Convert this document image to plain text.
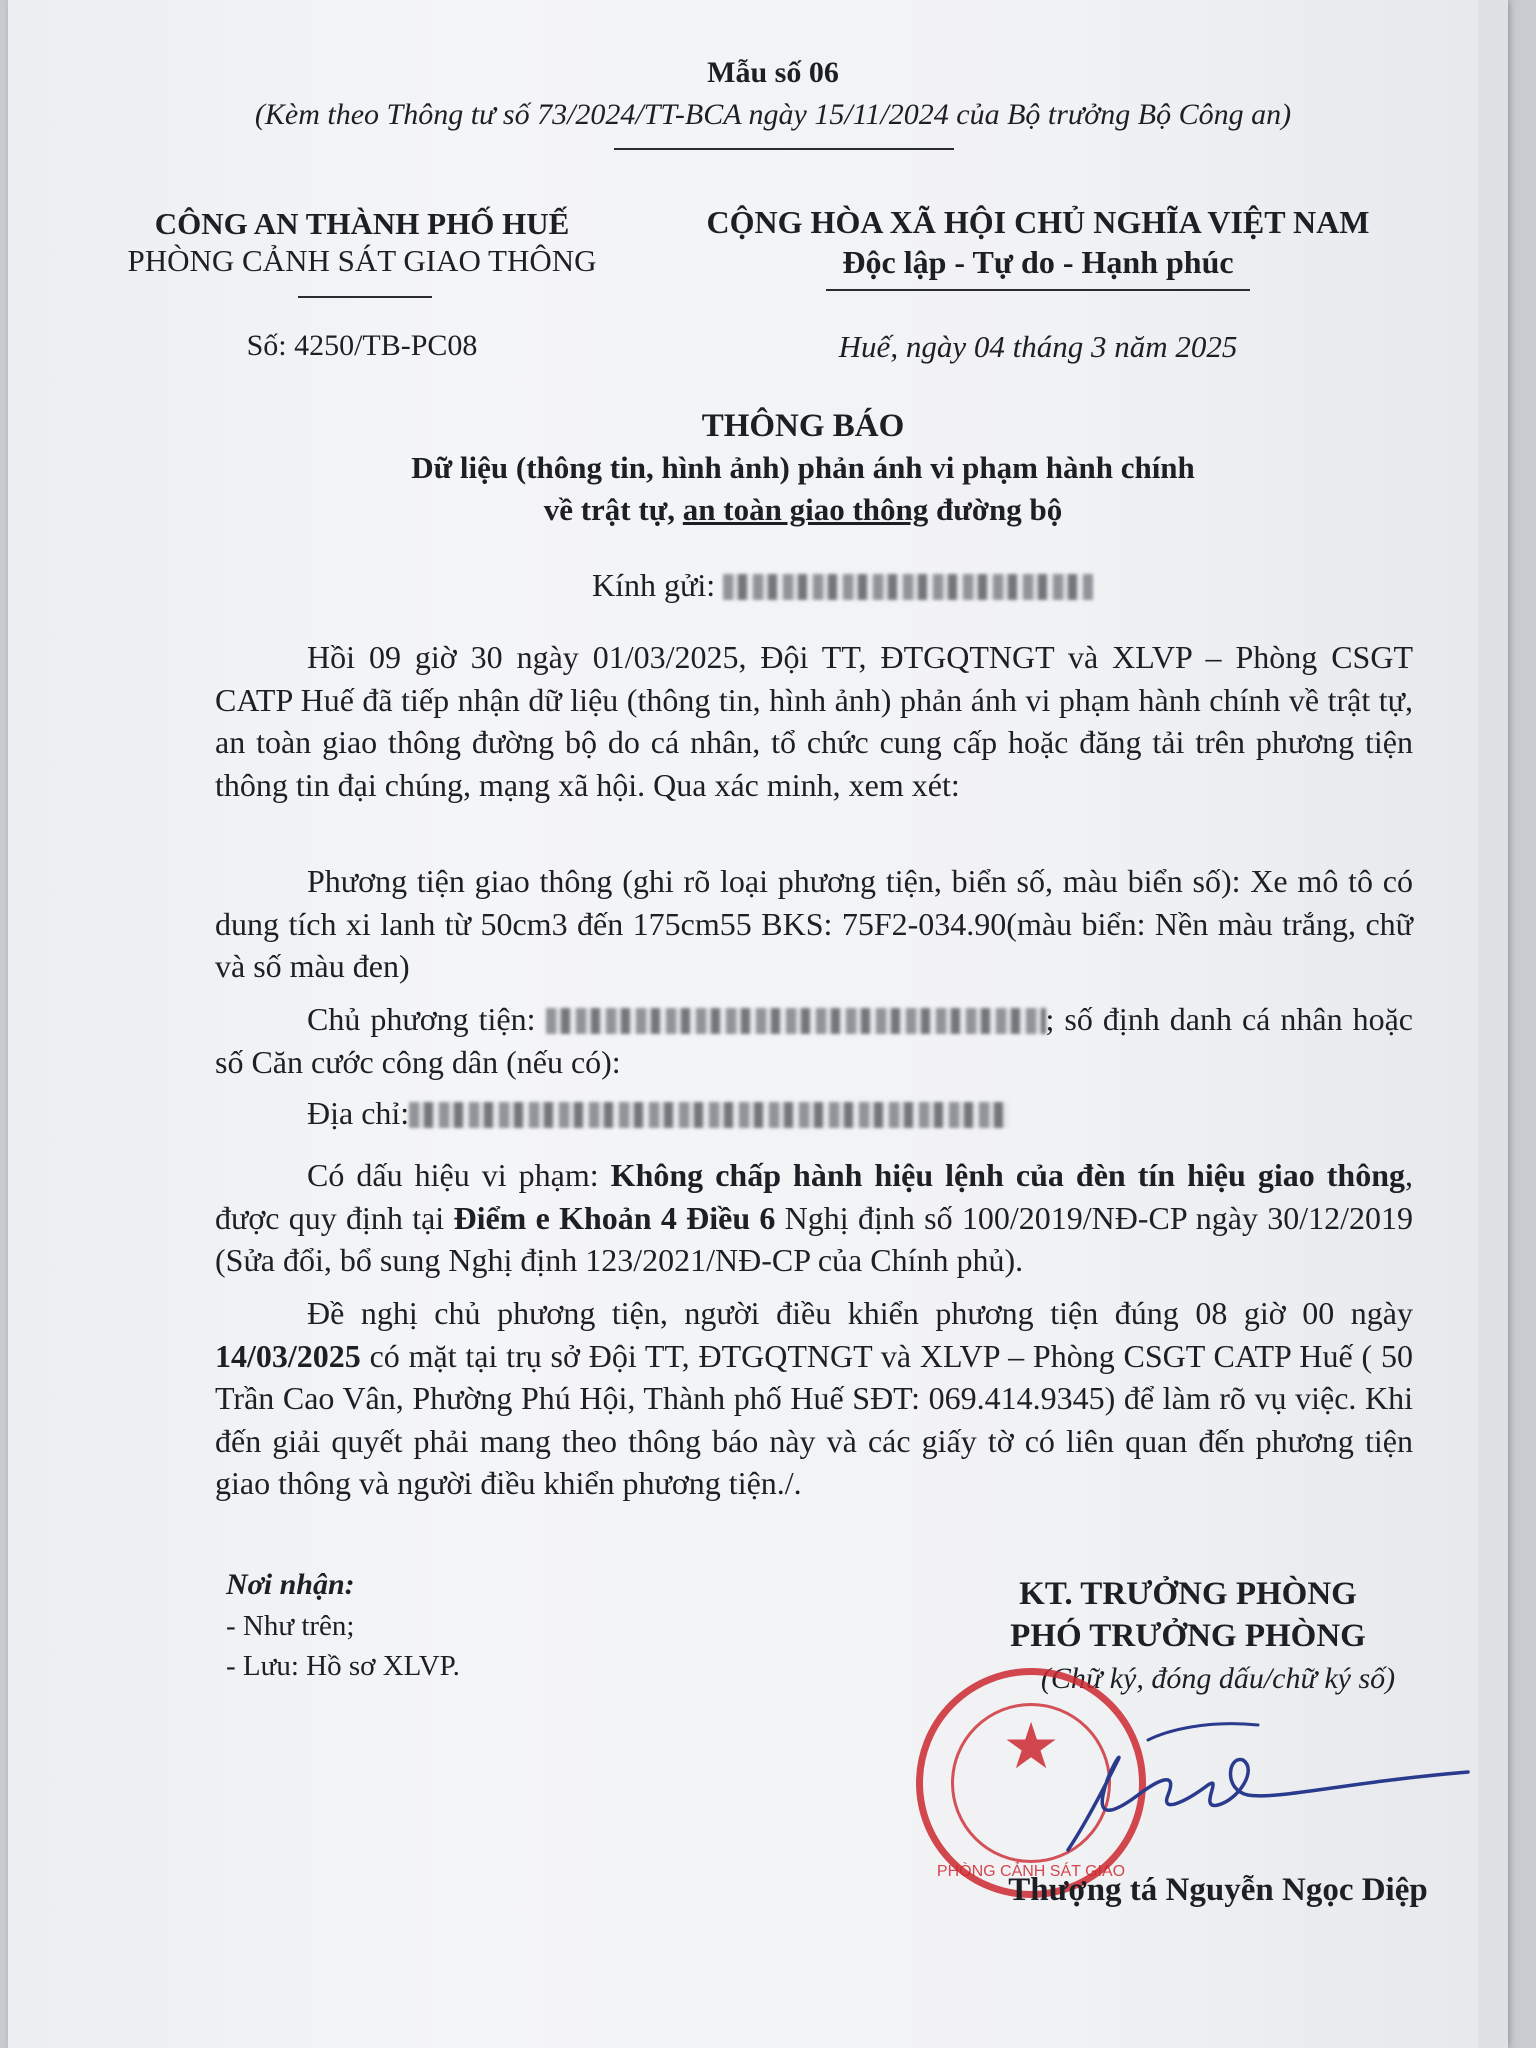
Mẫu số 06
(Kèm theo Thông tư số 73/2024/TT-BCA ngày 15/11/2024 của Bộ trưởng Bộ Công an)
CÔNG AN THÀNH PHỐ HUẾ
PHÒNG CẢNH SÁT GIAO THÔNG
Số: 4250/TB-PC08
CỘNG HÒA XÃ HỘI CHỦ NGHĨA VIỆT NAM
Độc lập - Tự do - Hạnh phúc
Huế, ngày 04 tháng 3 năm 2025
THÔNG BÁO
Dữ liệu (thông tin, hình ảnh) phản ánh vi phạm hành chính
về trật tự, an toàn giao thông đường bộ
Kính gửi:
Hồi 09 giờ 30 ngày 01/03/2025, Đội TT, ĐTGQTNGT và XLVP – Phòng CSGT CATP Huế đã tiếp nhận dữ liệu (thông tin, hình ảnh) phản ánh vi phạm hành chính về trật tự, an toàn giao thông đường bộ do cá nhân, tổ chức cung cấp hoặc đăng tải trên phương tiện thông tin đại chúng, mạng xã hội. Qua xác minh, xem xét:
Phương tiện giao thông (ghi rõ loại phương tiện, biển số, màu biển số): Xe mô tô có dung tích xi lanh từ 50cm3 đến 175cm55 BKS: 75F2-034.90(màu biển: Nền màu trắng, chữ và số màu đen)
Chủ phương tiện:	; số định danh cá nhân hoặc số Căn cước công dân (nếu có):
Địa chỉ:
Có dấu hiệu vi phạm: Không chấp hành hiệu lệnh của đèn tín hiệu giao thông, được quy định tại Điểm e Khoản 4 Điều 6 Nghị định số 100/2019/NĐ-CP ngày 30/12/2019 (Sửa đổi, bổ sung Nghị định 123/2021/NĐ-CP của Chính phủ).
Đề nghị chủ phương tiện, người điều khiển phương tiện đúng 08 giờ 00 ngày 14/03/2025 có mặt tại trụ sở Đội TT, ĐTGQTNGT và XLVP – Phòng CSGT CATP Huế ( 50 Trần Cao Vân, Phường Phú Hội, Thành phố Huế SĐT: 069.414.9345) để làm rõ vụ việc. Khi đến giải quyết phải mang theo thông báo này và các giấy tờ có liên quan đến phương tiện giao thông và người điều khiển phương tiện./.
Nơi nhận:
- Như trên;
- Lưu: Hồ sơ XLVP.
KT. TRƯỞNG PHÒNG
PHÓ TRƯỞNG PHÒNG
(Chữ ký, đóng dấu/chữ ký số)
★
PHÒNG CẢNH SÁT GIAO
Thượng tá Nguyễn Ngọc Diệp
